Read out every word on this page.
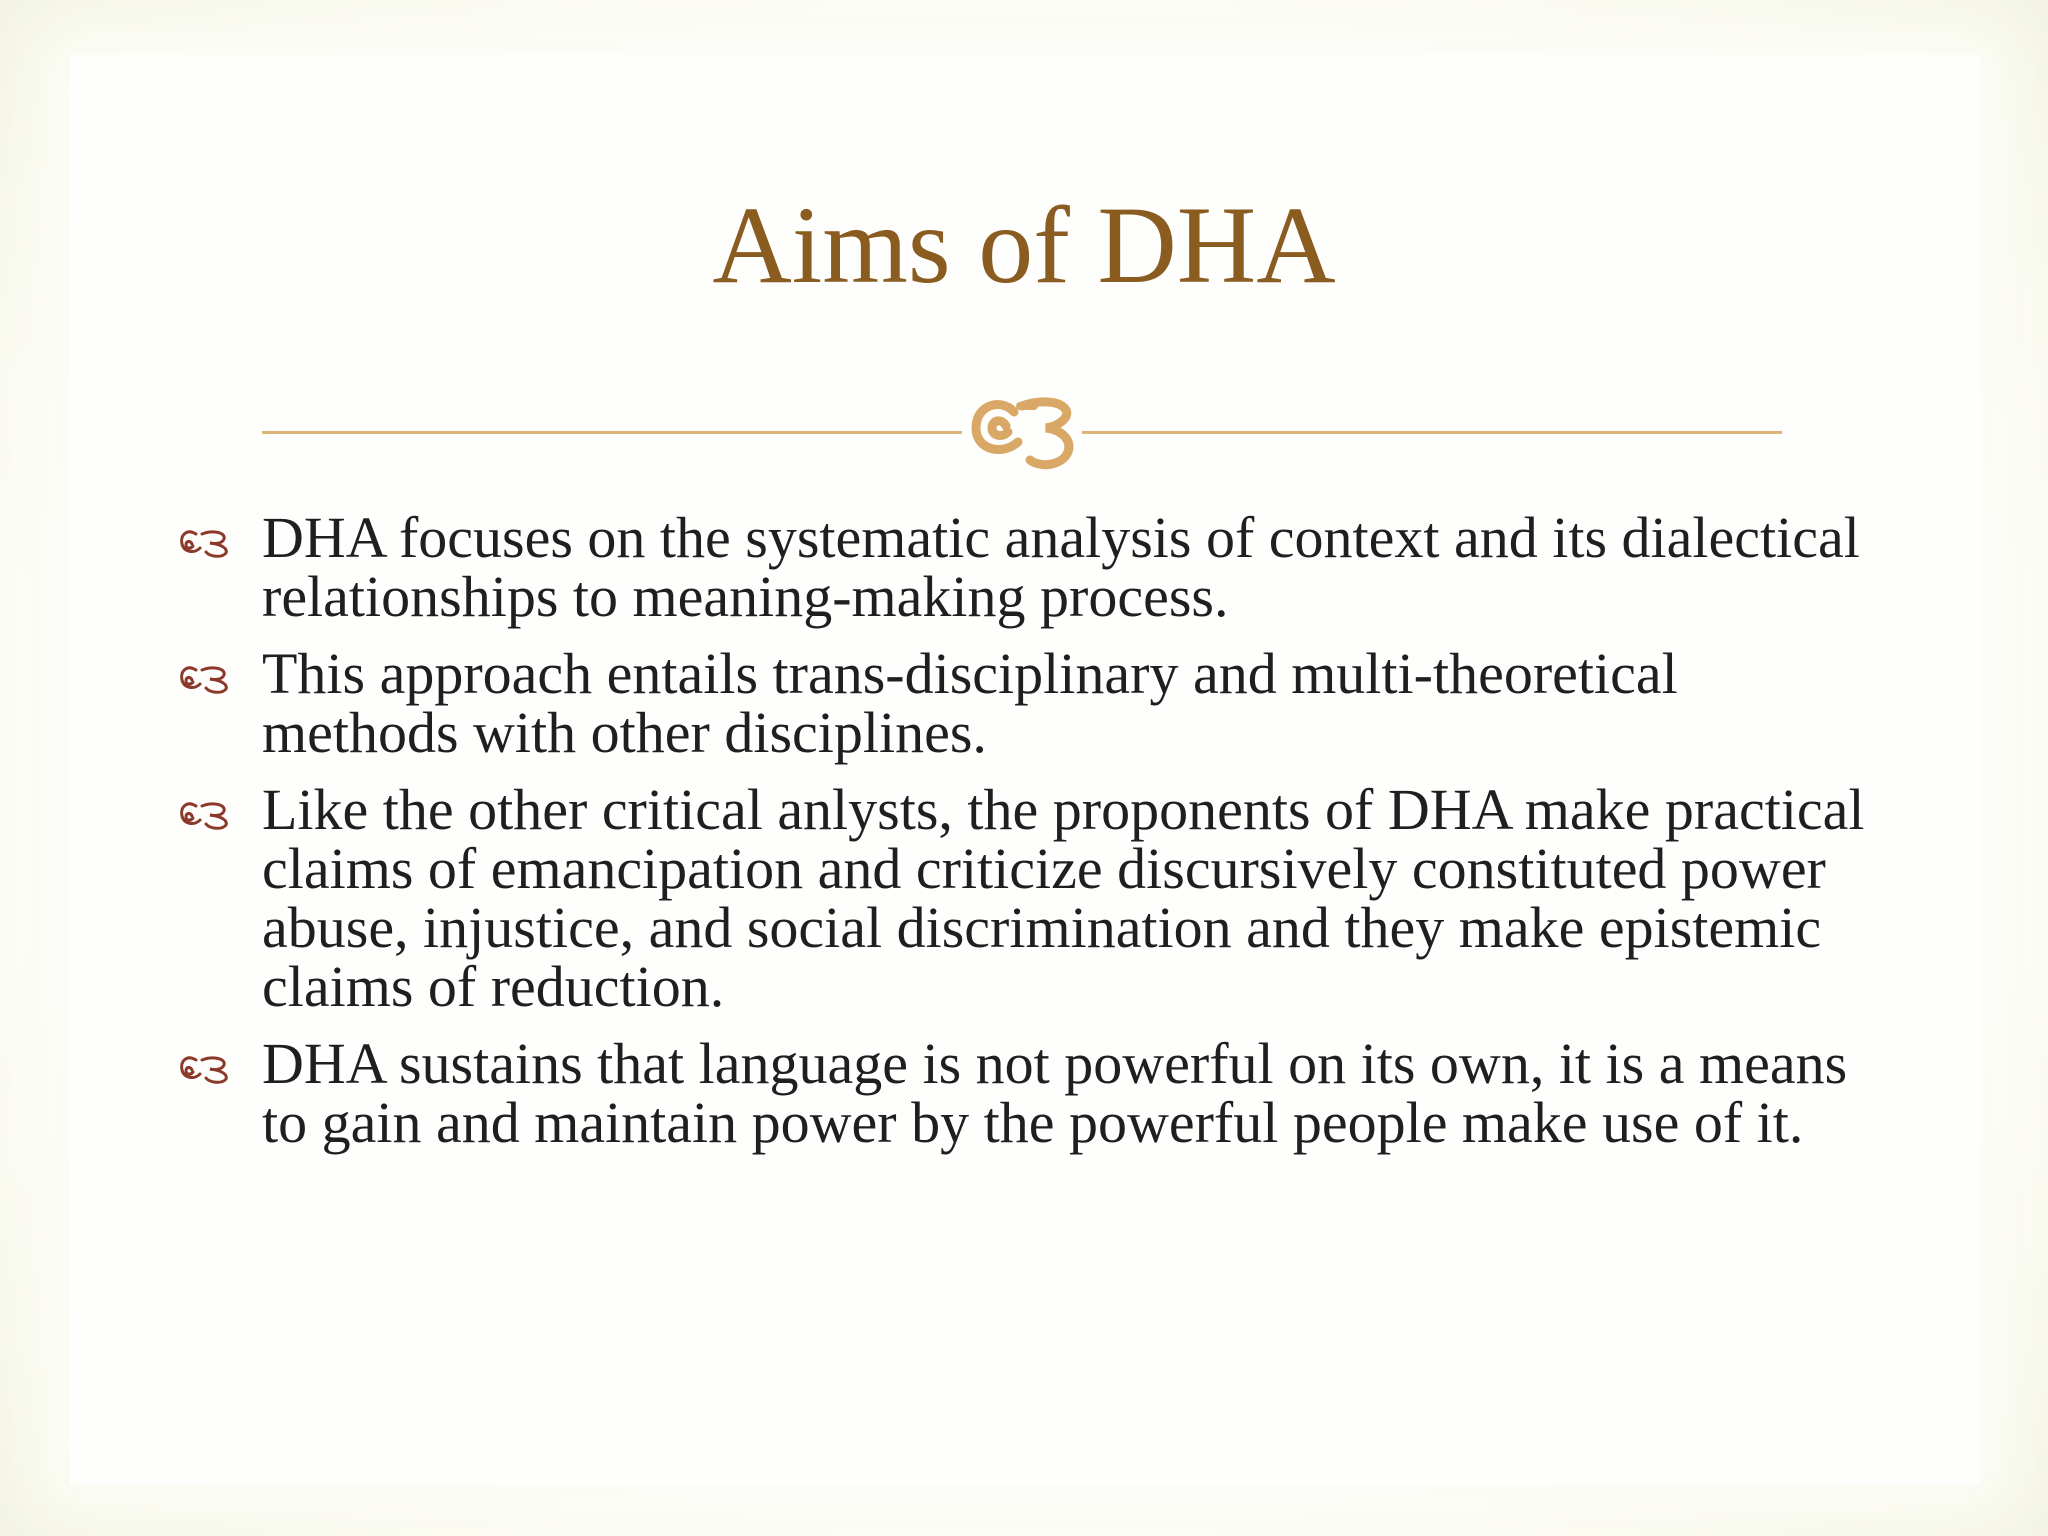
Aims of DHA
DHA focuses on the systematic analysis of context and its dialectical relationships to meaning-making process.
This approach entails trans-disciplinary and multi-theoretical methods with other disciplines.
Like the other critical anlysts, the proponents of DHA make practical claims of emancipation and criticize discursively constituted power abuse, injustice, and social discrimination and they make epistemic claims of reduction.
DHA sustains that language is not powerful on its own, it is a means to gain and maintain power by the powerful people make use of it.
